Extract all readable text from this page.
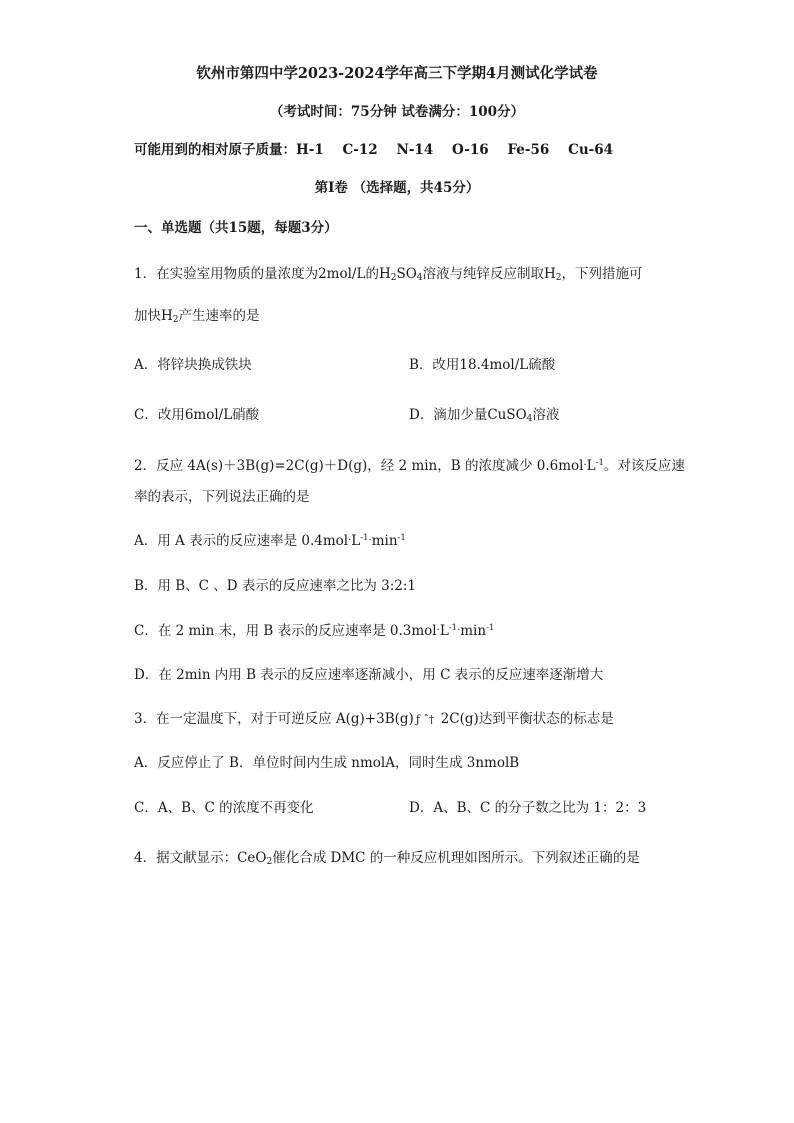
钦州市第四中学2023-2024学年高三下学期4月测试化学试卷
（考试时间：75分钟 试卷满分：100分）
可能用到的相对原子质量：H-1    C-12    N-14    O-16    Fe-56    Cu-64
第I卷 （选择题，共45分）
一、单选题（共15题，每题3分）
1．在实验室用物质的量浓度为2mol/L的$H_2SO_4$溶液与纯锌反应制取$H_2$，下列措施可
加快$H_2$产生速率的是
A．将锌块换成铁块	B．改用18.4mol/L硫酸
C．改用6mol/L硝酸	D．滴加少量CuSO$_4$溶液
2．反应 4A(s)＋3B(g)=2C(g)＋D(g)，经 2 min，B 的浓度减少 $0.6mol\cdot L^{-1}$。对该反应速
率的表示，下列说法正确的是
A．用 A 表示的反应速率是 $0.4mol\cdot L^{-1}\cdot\min^{-1}$
B．用 B、C 、D 表示的反应速率之比为 3:2:1
C．在 2 min 末，用 B 表示的反应速率是 $0.3mol\cdot L^{-1}\cdot\min^{-1}$
D．在 2min 内用 B 表示的反应速率逐渐减小，用 C 表示的反应速率逐渐增大
3．在一定温度下，对于可逆反应 A(g)+3B(g) ƒ ˆ† 2C(g)达到平衡状态的标志是
A．反应停止了 B．单位时间内生成 nmolA，同时生成 3nmolB
C．A、B、C 的浓度不再变化	D．A、B、C 的分子数之比为 1：2：3
4．据文献显示：CeO$_2$催化合成 DMC 的一种反应机理如图所示。下列叙述正确的是
